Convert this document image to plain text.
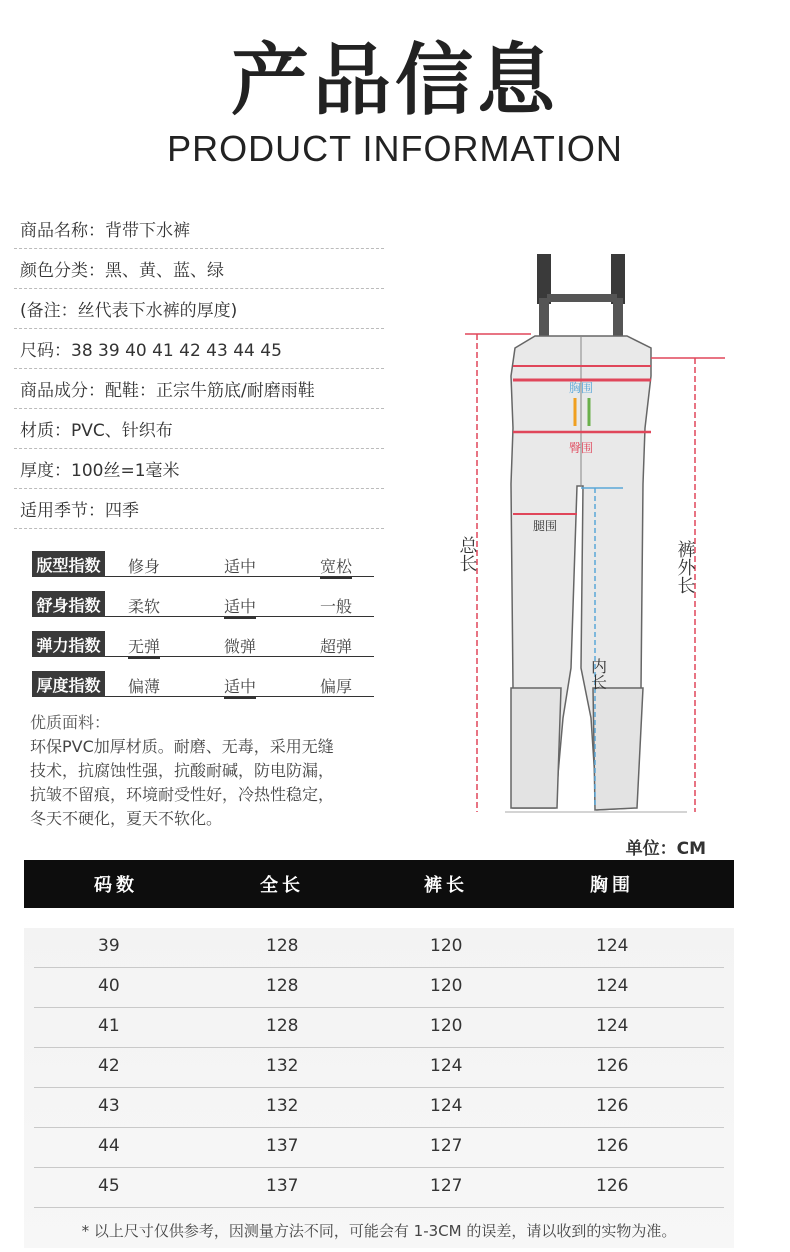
产品信息
PRODUCT INFORMATION
商品名称：背带下水裤
颜色分类：黑、黄、蓝、绿
(备注：丝代表下水裤的厚度)
尺码：38 39 40 41 42 43 44 45
商品成分：配鞋：正宗牛筋底/耐磨雨鞋
材质：PVC、针织布
厚度：100丝=1毫米
适用季节：四季
版型指数 修身	适中	宽松
舒身指数 柔软	适中	一般
弹力指数 无弹	微弹	超弹
厚度指数 偏薄	适中	偏厚
优质面料：
环保PVC加厚材质。耐磨、无毒，采用无缝
技术，抗腐蚀性强，抗酸耐碱，防电防漏，
抗皱不留痕，环境耐受性好，冷热性稳定，
冬天不硬化，夏天不软化。
胸围
臀围
腿围
内长
总长	裤外长
单位：CM
码数	全长	裤长	胸围
39	128	120	124
40	128	120	124
41	128	120	124
42	132	124	126
43	132	124	126
44	137	127	126
45	137	127	126
* 以上尺寸仅供参考，因测量方法不同，可能会有 1-3CM 的误差，请以收到的实物为准。
